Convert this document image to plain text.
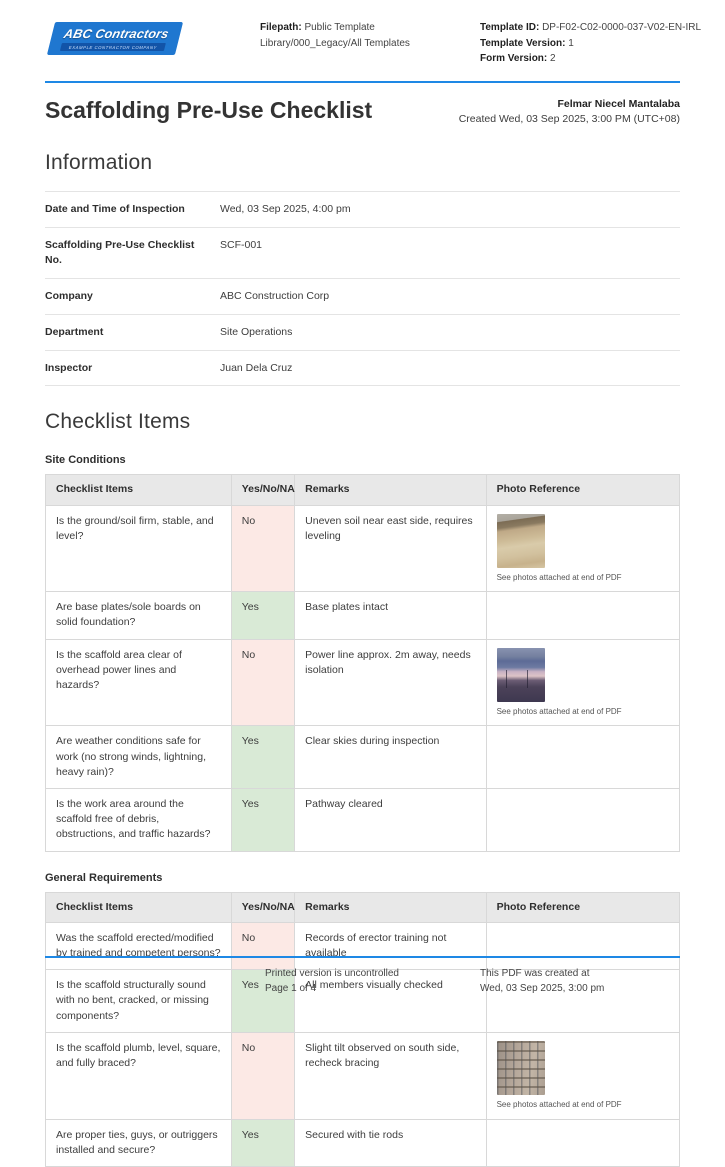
ABC Contractors
EXAMPLE CONTRACTOR COMPANY
Filepath: Public Template Library/000_Legacy/All Templates
Template ID: DP-F02-C02-0000-037-V02-EN-IRL
Template Version: 1
Form Version: 2
Scaffolding Pre-Use Checklist	Felmar Niecel Mantalaba
Created Wed, 03 Sep 2025, 3:00 PM (UTC+08)
Information
Date and Time of Inspection	Wed, 03 Sep 2025, 4:00 pm
Scaffolding Pre-Use Checklist No.
SCF-001
Company	ABC Construction Corp
Department	Site Operations
Inspector	Juan Dela Cruz
Checklist Items
Site Conditions
Checklist Items	Yes/No/NA	Remarks	Photo Reference
Is the ground/soil firm, stable, and level?	No	Uneven soil near east side, requires leveling	See photos attached at end of PDF

Are base plates/sole boards on solid foundation?	Yes	Base plates intact	
Is the scaffold area clear of overhead power lines and hazards?	No	Power line approx. 2m away, needs isolation	See photos attached at end of PDF

Are weather conditions safe for work (no strong winds, lightning, heavy rain)?	Yes	Clear skies during inspection	
Is the work area around the scaffold free of debris, obstructions, and traffic hazards?	Yes	Pathway cleared	
General Requirements
Checklist Items	Yes/No/NA	Remarks	Photo Reference
Was the scaffold erected/modified by trained and competent persons?	No	Records of erector training not available	
Is the scaffold structurally sound with no bent, cracked, or missing components?	Yes	All members visually checked	
Is the scaffold plumb, level, square, and fully braced?	No	Slight tilt observed on south side, recheck bracing	See photos attached at end of PDF

Are proper ties, guys, or outriggers installed and secure?	Yes	Secured with tie rods	
Printed version is uncontrolled
Page 1 of 4
This PDF was created at
Wed, 03 Sep 2025, 3:00 pm
